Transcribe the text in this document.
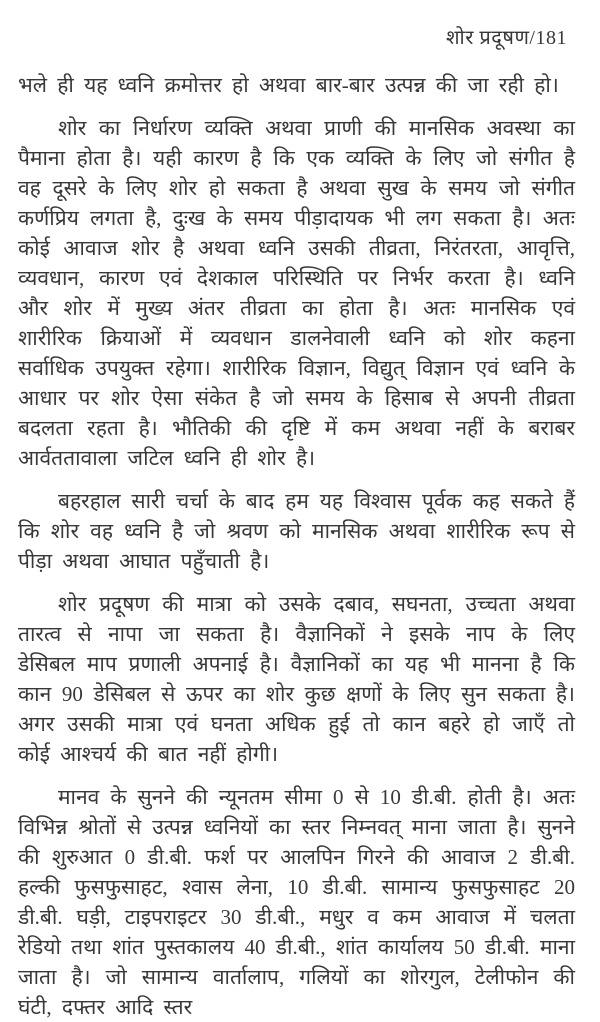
शोर प्रदूषण/181

भले ही यह ध्वनि क्रमोत्तर हो अथवा बार-बार उत्पन्न की जा रही हो।

शोर का निर्धारण व्यक्ति अथवा प्राणी की मानसिक अवस्था का पैमाना होता है। यही कारण है कि एक व्यक्ति के लिए जो संगीत है वह दूसरे के लिए शोर हो सकता है अथवा सुख के समय जो संगीत कर्णप्रिय लगता है, दुःख के समय पीड़ादायक भी लग सकता है। अतः कोई आवाज शोर है अथवा ध्वनि उसकी तीव्रता, निरंतरता, आवृत्ति, व्यवधान, कारण एवं देशकाल परिस्थिति पर निर्भर करता है। ध्वनि और शोर में मुख्य अंतर तीव्रता का होता है। अतः मानसिक एवं शारीरिक क्रियाओं में व्यवधान डालनेवाली ध्वनि को शोर कहना सर्वाधिक उपयुक्त रहेगा। शारीरिक विज्ञान, विद्युत् विज्ञान एवं ध्वनि के आधार पर शोर ऐसा संकेत है जो समय के हिसाब से अपनी तीव्रता बदलता रहता है। भौतिकी की दृष्टि में कम अथवा नहीं के बराबर आर्वततावाला जटिल ध्वनि ही शोर है।

बहरहाल सारी चर्चा के बाद हम यह विश्वास पूर्वक कह सकते हैं कि शोर वह ध्वनि है जो श्रवण को मानसिक अथवा शारीरिक रूप से पीड़ा अथवा आघात पहुँचाती है।

शोर प्रदूषण की मात्रा को उसके दबाव, सघनता, उच्चता अथवा तारत्व से नापा जा सकता है। वैज्ञानिकों ने इसके नाप के लिए डेसिबल माप प्रणाली अपनाई है। वैज्ञानिकों का यह भी मानना है कि कान 90 डेसिबल से ऊपर का शोर कुछ क्षणों के लिए सुन सकता है। अगर उसकी मात्रा एवं घनता अधिक हुई तो कान बहरे हो जाएँ तो कोई आश्चर्य की बात नहीं होगी।

मानव के सुनने की न्यूनतम सीमा 0 से 10 डी.बी. होती है। अतः विभिन्न श्रोतों से उत्पन्न ध्वनियों का स्तर निम्नवत् माना जाता है। सुनने की शुरुआत 0 डी.बी. फर्श पर आलपिन गिरने की आवाज 2 डी.बी. हल्की फुसफुसाहट, श्वास लेना, 10 डी.बी. सामान्य फुसफुसाहट 20 डी.बी. घड़ी, टाइपराइटर 30 डी.बी., मधुर व कम आवाज में चलता रेडियो तथा शांत पुस्तकालय 40 डी.बी., शांत कार्यालय 50 डी.बी. माना जाता है। जो सामान्य वार्तालाप, गलियों का शोरगुल, टेलीफोन की घंटी, दफ्तर आदि स्तर
